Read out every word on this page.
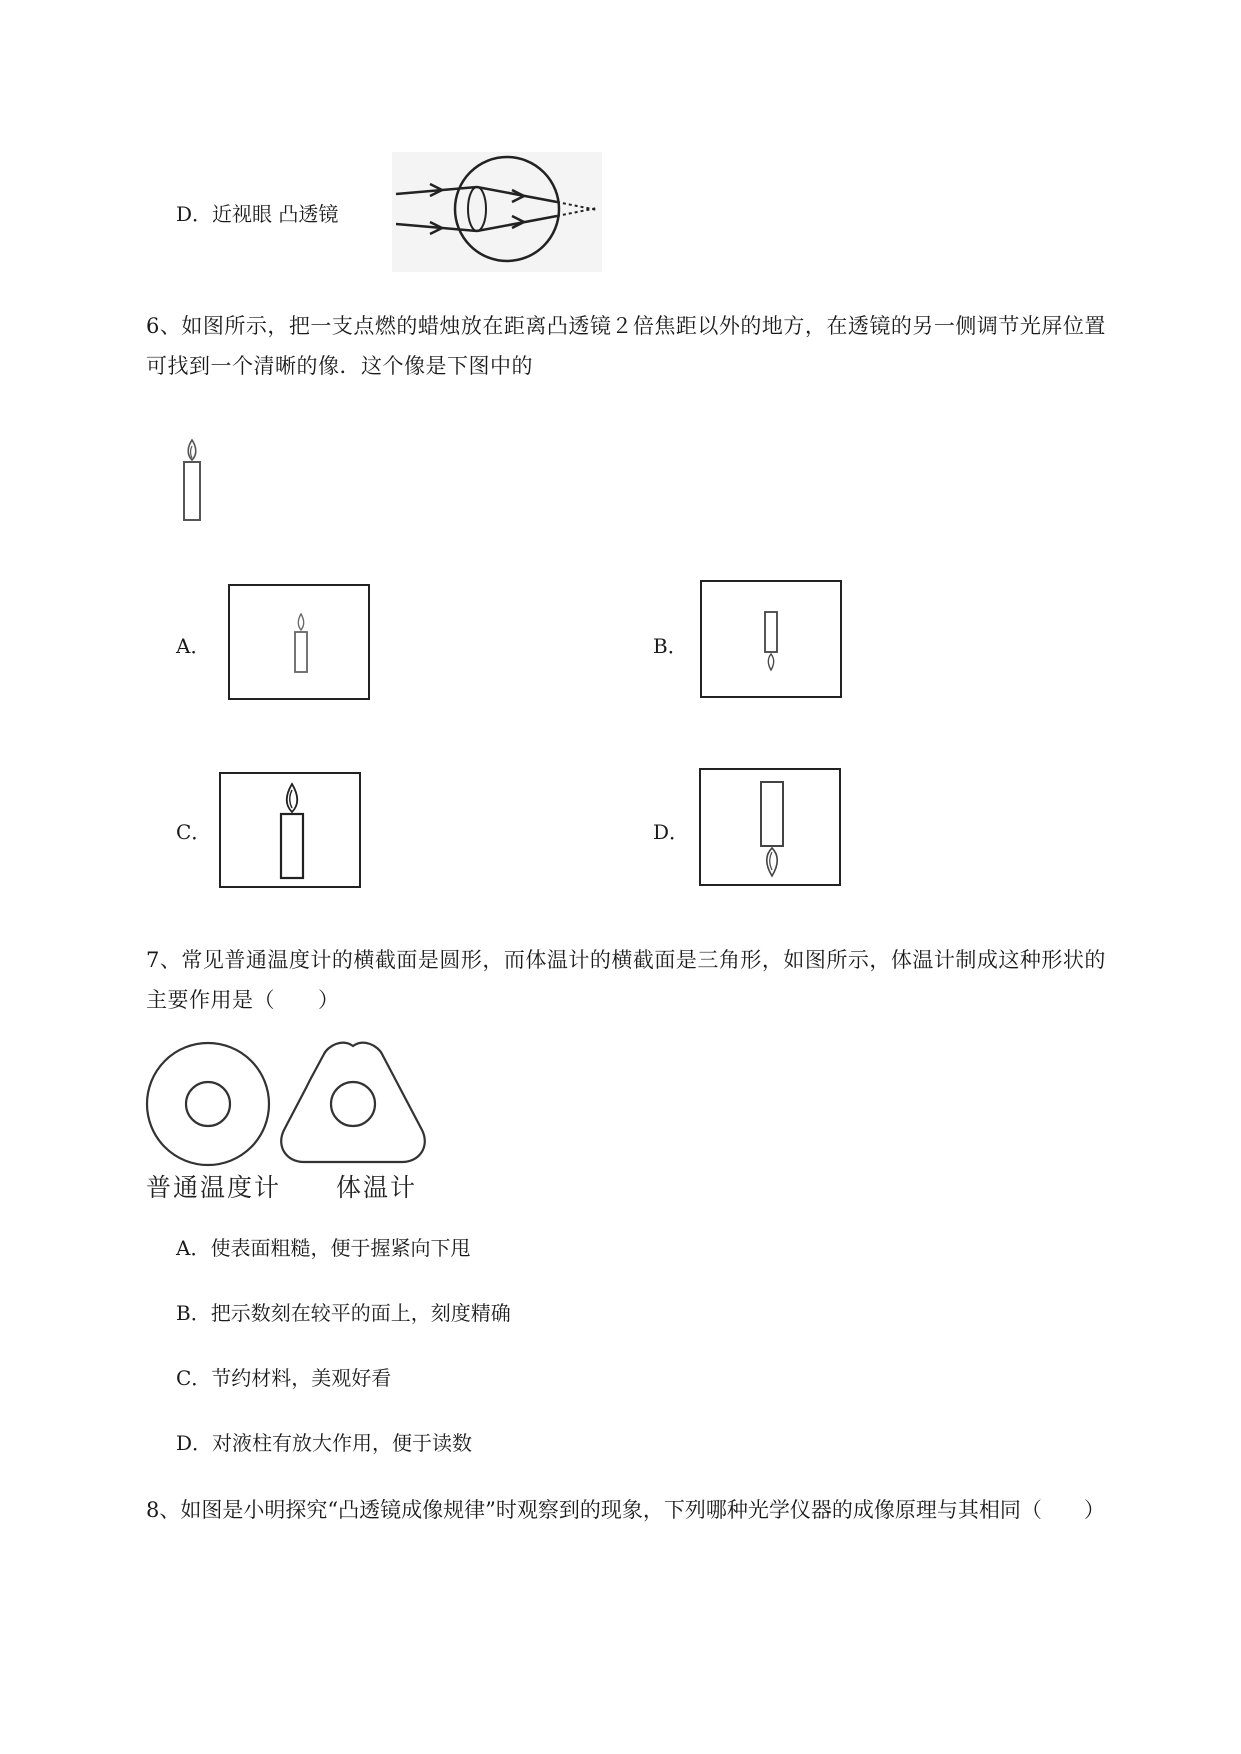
D．近视眼 凸透镜
6、如图所示，把一支点燃的蜡烛放在距离凸透镜２倍焦距以外的地方，在透镜的另一侧调节光屏位置
可找到一个清晰的像．这个像是下图中的
A．	B．
C．	D．
7、常见普通温度计的横截面是圆形，而体温计的横截面是三角形，如图所示，体温计制成这种形状的
主要作用是（　　）
普通温度计 体温计
A．使表面粗糙，便于握紧向下甩
B．把示数刻在较平的面上，刻度精确
C．节约材料，美观好看
D．对液柱有放大作用，便于读数
8、如图是小明探究“凸透镜成像规律”时观察到的现象，下列哪种光学仪器的成像原理与其相同（　　）
